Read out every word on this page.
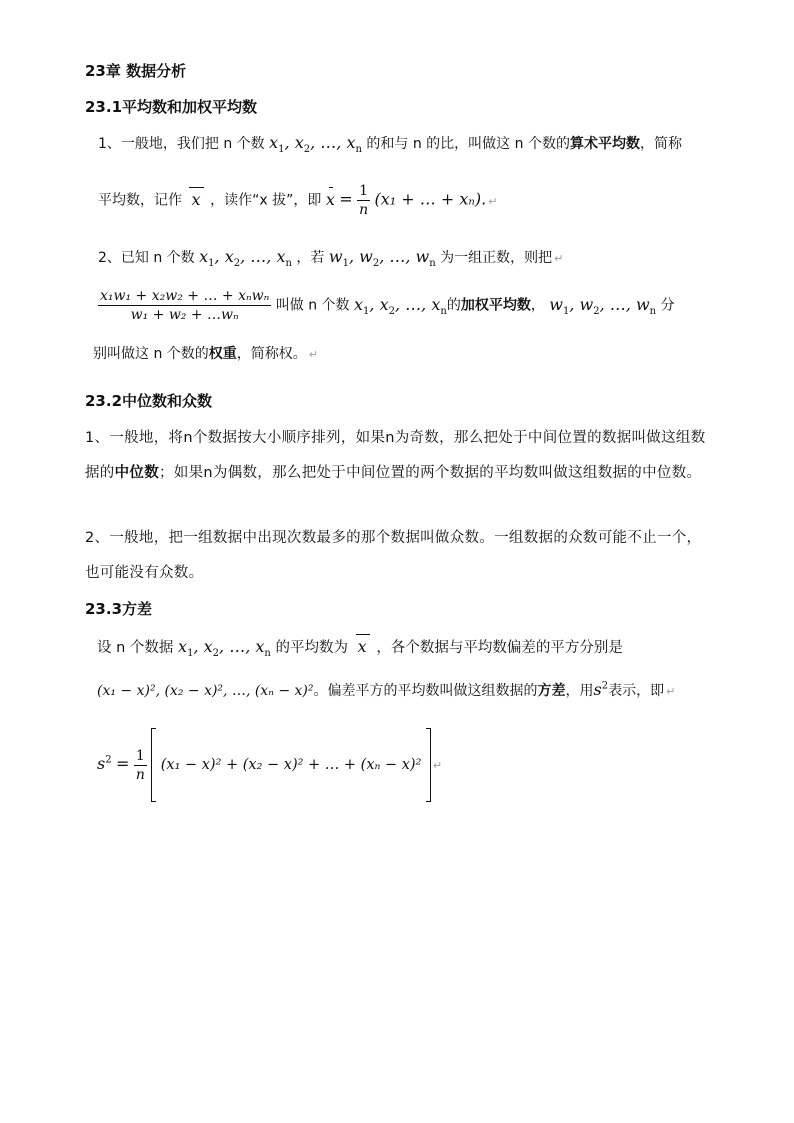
23章 数据分析
23.1平均数和加权平均数
1、一般地，我们把 n 个数 $x_1$, $x_2$, …, $x_n$ 的和与 n 的比，叫做这 n 个数的算术平均数，简称
平均数，记作  x  ，读作“x 拔”，即 $x = \frac{1}{n} (x_1$ + … + xₙ). ↵
2、已知 n 个数 $x_1$, $x_2$, …, $x_n$ ，若 $w_1$, $w_2$, …, $w_n$ 为一组正数，则把 ↵
$\frac{\text{x₁w₁ + x₂w₂ + … + xₙwₙ}}{\text{w₁ + w₂ + …wₙ}}$ 叫做 n 个数 $x_1$, $x_2$, …, $x_n$的加权平均数， $w_1$, $w_2$, …, $w_n$ 分
别叫做这 n 个数的权重，简称权。 ↵
23.2中位数和众数

1、一般地，将n个数据按大小顺序排列，如果n为奇数，那么把处于中间位置的数据叫做这组数据的中位数；如果n为偶数，那么把处于中间位置的两个数据的平均数叫做这组数据的中位数。

2、一般地，把一组数据中出现次数最多的那个数据叫做众数。一组数据的众数可能不止一个，也可能没有众数。

23.3方差
设 n 个数据 $x_1$, $x_2$, …, $x_n$ 的平均数为  x  ，各个数据与平均数偏差的平方分别是
(x₁ − x)², (x₂ − x)², …, (xₙ − x)²。偏差平方的平均数叫做这组数据的方差，用$s^2$表示，即 ↵
$s^2 = \frac{1}{n} (x_1 - x)^2 + (x_2 - x)^2$ + … + (xₙ − x)² ↵
